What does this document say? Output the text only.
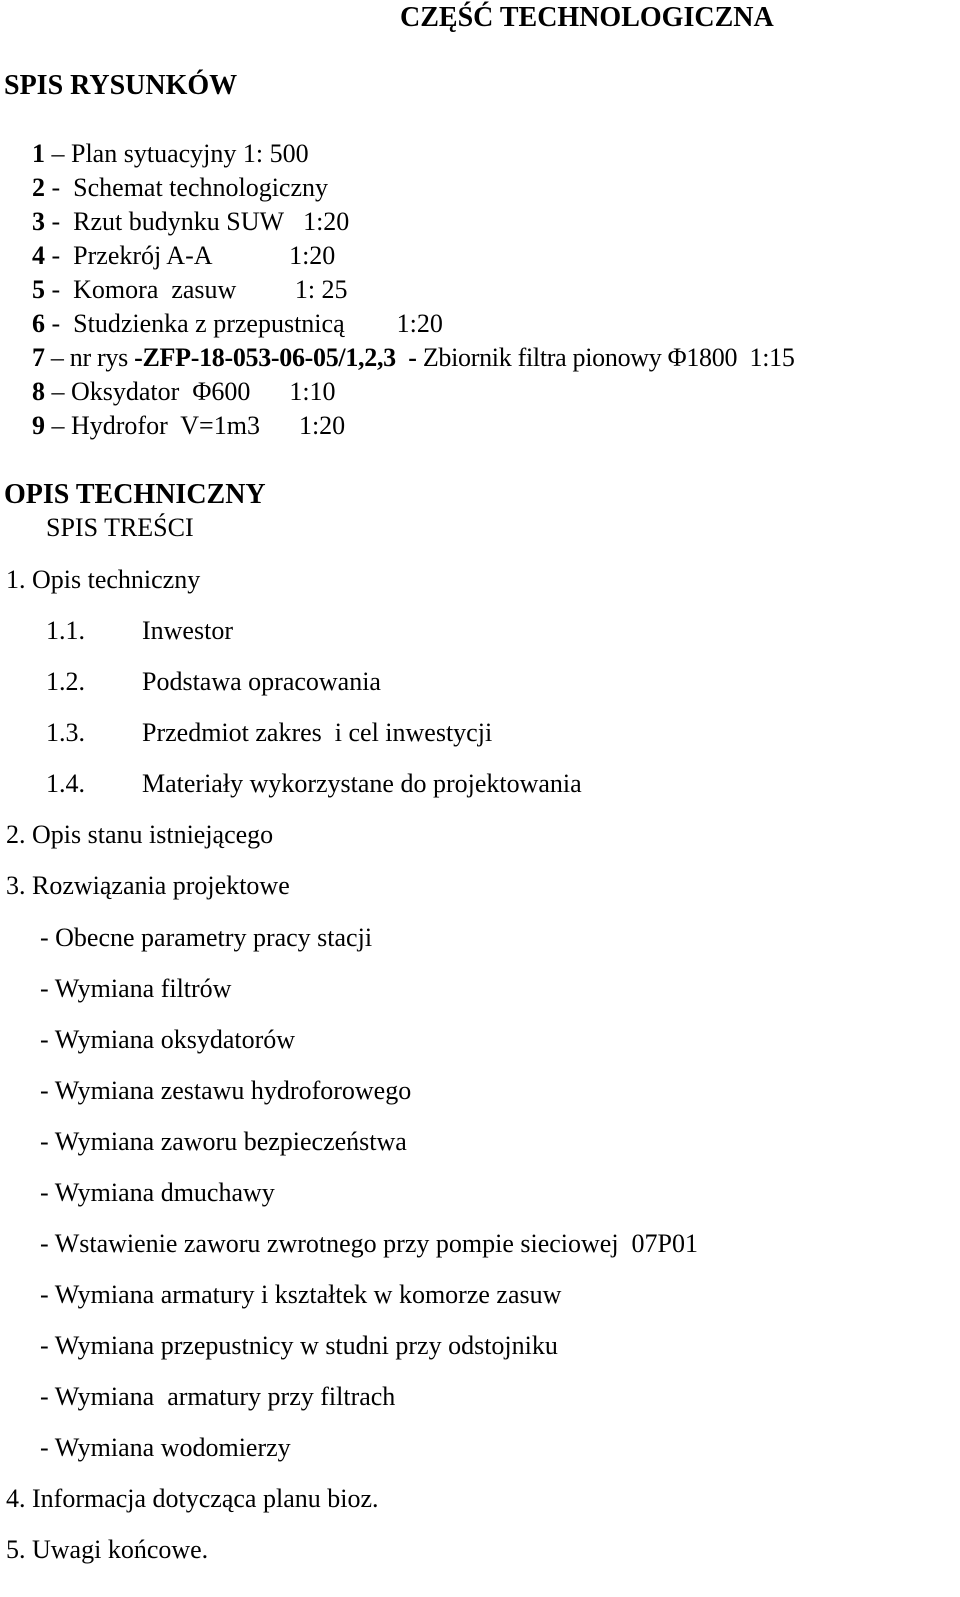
CZĘŚĆ TECHNOLOGICZNA
SPIS RYSUNKÓW
1 – Plan sytuacyjny 1: 500
2 -  Schemat technologiczny
3 -  Rzut budynku SUW   1:20
4 -  Przekrój A-A            1:20
5 -  Komora  zasuw         1: 25
6 -  Studzienka z przepustnicą        1:20
7 – nr rys -ZFP-18-053-06-05/1,2,3  - Zbiornik filtra pionowy Φ1800  1:15
8 – Oksydator  Φ600      1:10
9 – Hydrofor  V=1m3      1:20
OPIS TECHNICZNY
SPIS TREŚCI
1. Opis techniczny
1.1. Inwestor
1.2. Podstawa opracowania
1.3. Przedmiot zakres  i cel inwestycji
1.4. Materiały wykorzystane do projektowania
2. Opis stanu istniejącego
3. Rozwiązania projektowe
- Obecne parametry pracy stacji
- Wymiana filtrów
- Wymiana oksydatorów
- Wymiana zestawu hydroforowego
- Wymiana zaworu bezpieczeństwa
- Wymiana dmuchawy
- Wstawienie zaworu zwrotnego przy pompie sieciowej  07P01
- Wymiana armatury i kształtek w komorze zasuw
- Wymiana przepustnicy w studni przy odstojniku
- Wymiana  armatury przy filtrach
- Wymiana wodomierzy
4. Informacja dotycząca planu bioz.
5. Uwagi końcowe.
